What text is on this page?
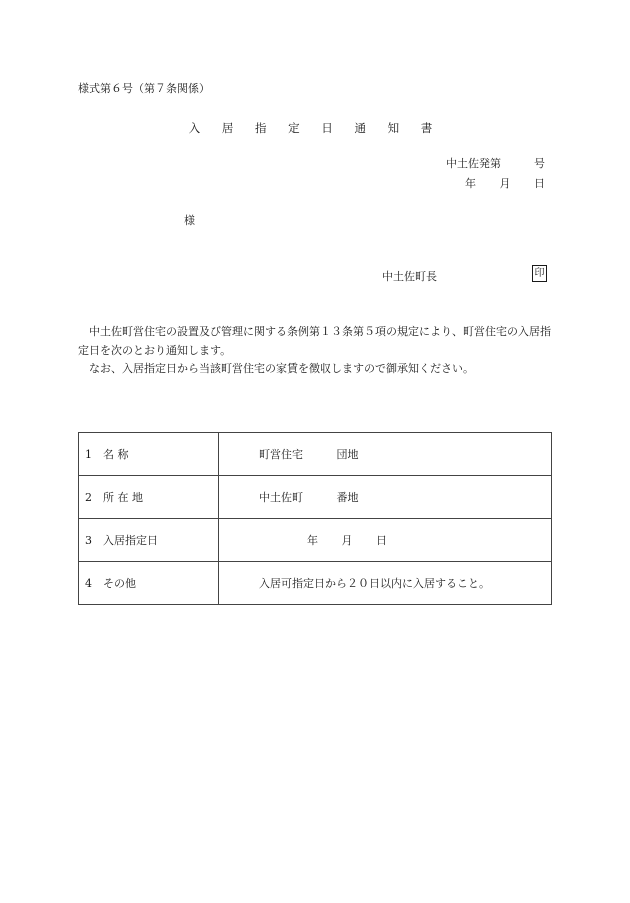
様式第６号（第７条関係）
入 居 指 定 日 通 知 書
中土佐発第　　　号
年 月 日
様
中土佐町長	印
　中土佐町営住宅の設置及び管理に関する条例第１３条第５項の規定により、町営住宅の入居指定日を次のとおり通知します。
　なお、入居指定日から当該町営住宅の家賃を徴収しますので御承知ください。
1　名 称	町営住宅 団地
2　所 在 地	中土佐町 番地
3　入居指定日	年 月 日
4　その他	入居可指定日から２０日以内に入居すること。
